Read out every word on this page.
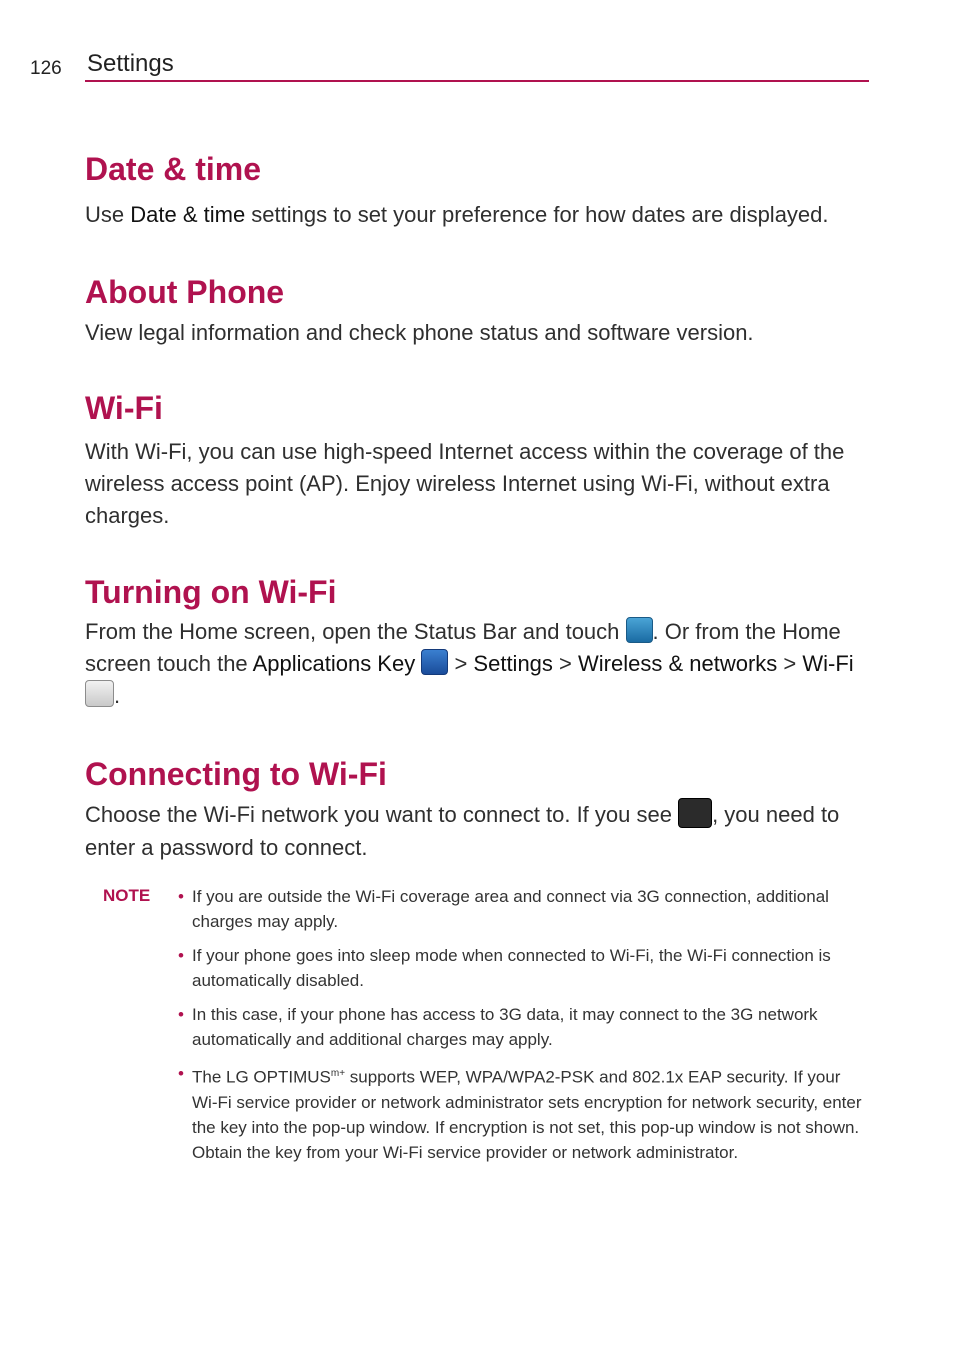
126 Settings
Date & time

Use Date & time settings to set your preference for how dates are displayed.

About Phone

View legal information and check phone status and software version.

Wi-Fi

With Wi-Fi, you can use high-speed Internet access within the coverage of the wireless access point (AP). Enjoy wireless Internet using Wi-Fi, without extra charges.

Turning on Wi-Fi

From the Home screen, open the Status Bar and touch . Or from the Home screen touch the Applications Key  > Settings > Wireless & networks > Wi-Fi .

Connecting to Wi-Fi

Choose the Wi-Fi network you want to connect to. If you see , you need to enter a password to connect.

NOTE • If you are outside the Wi-Fi coverage area and connect via 3G connection, additional charges may apply.
• If your phone goes into sleep mode when connected to Wi-Fi, the Wi-Fi connection is automatically disabled.
• In this case, if your phone has access to 3G data, it may connect to the 3G network automatically and additional charges may apply.
• The LG $OPTIMUS^{m+}$ supports WEP, WPA/WPA2-PSK and 802.1x EAP security. If your Wi-Fi service provider or network administrator sets encryption for network security, enter the key into the pop-up window. If encryption is not set, this pop-up window is not shown. Obtain the key from your Wi-Fi service provider or network administrator.
